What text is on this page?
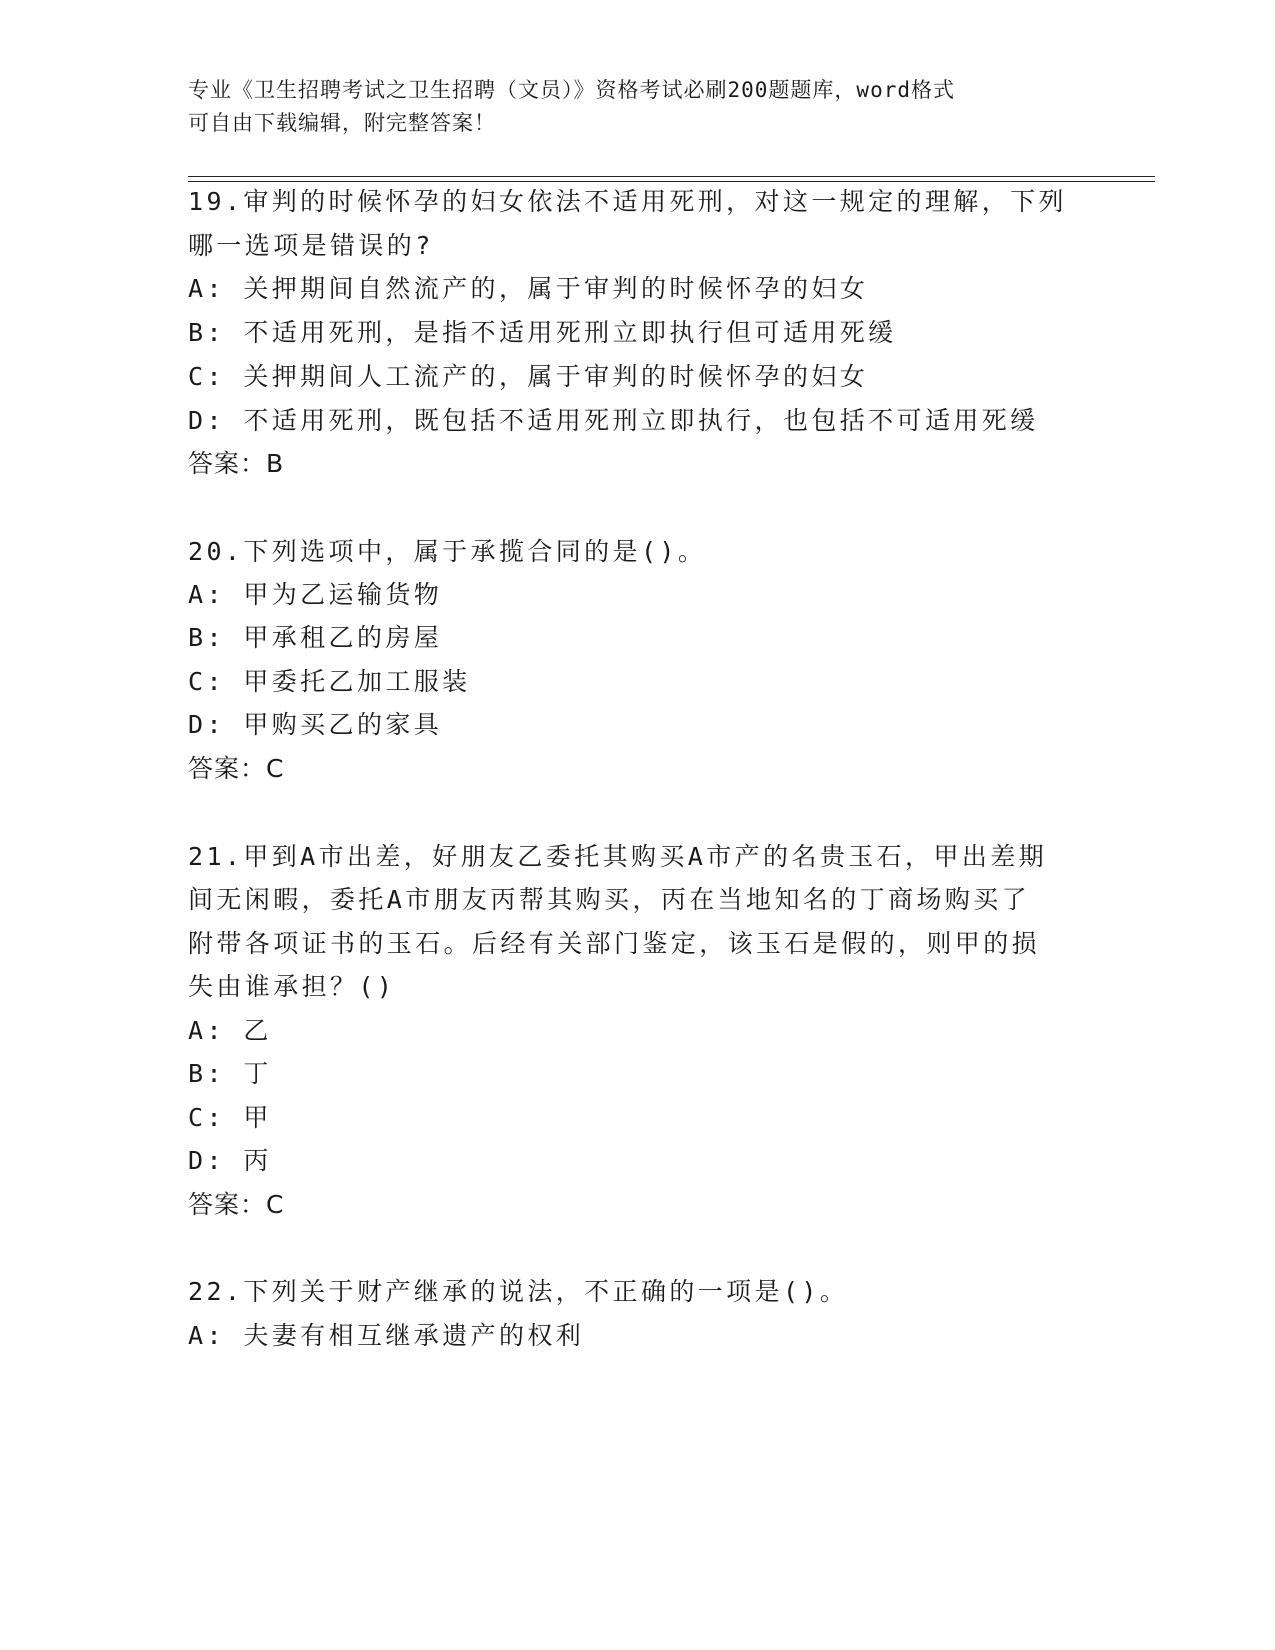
专业《卫生招聘考试之卫生招聘（文员）》资格考试必刷200题题库，word格式
可自由下载编辑，附完整答案！
19.审判的时候怀孕的妇女依法不适用死刑，对这一规定的理解，下列
哪一选项是错误的?
A: 关押期间自然流产的，属于审判的时候怀孕的妇女
B: 不适用死刑，是指不适用死刑立即执行但可适用死缓
C: 关押期间人工流产的，属于审判的时候怀孕的妇女
D: 不适用死刑，既包括不适用死刑立即执行，也包括不可适用死缓
答案：B
20.下列选项中，属于承揽合同的是()。
A: 甲为乙运输货物
B: 甲承租乙的房屋
C: 甲委托乙加工服装
D: 甲购买乙的家具
答案：C
21.甲到A市出差，好朋友乙委托其购买A市产的名贵玉石，甲出差期
间无闲暇，委托A市朋友丙帮其购买，丙在当地知名的丁商场购买了
附带各项证书的玉石。后经有关部门鉴定，该玉石是假的，则甲的损
失由谁承担？()
A: 乙
B: 丁
C: 甲
D: 丙
答案：C
22.下列关于财产继承的说法，不正确的一项是()。
A: 夫妻有相互继承遗产的权利
